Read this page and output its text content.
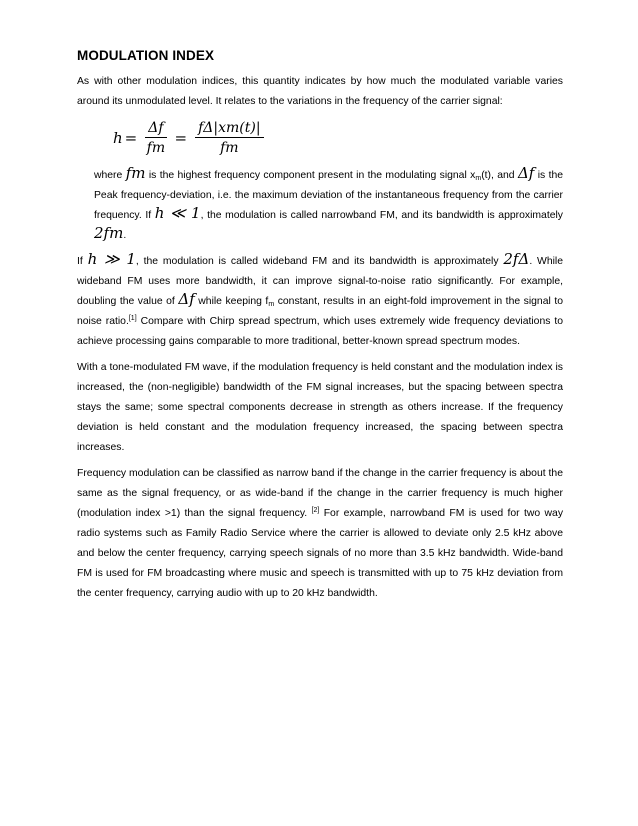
MODULATION INDEX

As with other modulation indices, this quantity indicates by how much the modulated variable varies around its unmodulated level. It relates to the variations in the frequency of the carrier signal:

$h = \frac{\Delta f}{fm} = \frac{f\Delta|xm(t)|}{fm}$

where fm is the highest frequency component present in the modulating signal $x_m(t)$, and Δf is the Peak frequency-deviation, i.e. the maximum deviation of the instantaneous frequency from the carrier frequency. If h ≪ 1, the modulation is called narrowband FM, and its bandwidth is approximately 2fm.

If h ≫ 1, the modulation is called wideband FM and its bandwidth is approximately 2fΔ. While wideband FM uses more bandwidth, it can improve signal-to-noise ratio significantly. For example, doubling the value of Δf while keeping $f_m$ constant, results in an eight-fold improvement in the signal to noise ratio.[1] Compare with Chirp spread spectrum, which uses extremely wide frequency deviations to achieve processing gains comparable to more traditional, better-known spread spectrum modes.

With a tone-modulated FM wave, if the modulation frequency is held constant and the modulation index is increased, the (non-negligible) bandwidth of the FM signal increases, but the spacing between spectra stays the same; some spectral components decrease in strength as others increase. If the frequency deviation is held constant and the modulation frequency increased, the spacing between spectra increases.

Frequency modulation can be classified as narrow band if the change in the carrier frequency is about the same as the signal frequency, or as wide-band if the change in the carrier frequency is much higher (modulation index >1) than the signal frequency. [2] For example, narrowband FM is used for two way radio systems such as Family Radio Service where the carrier is allowed to deviate only 2.5 kHz above and below the center frequency, carrying speech signals of no more than 3.5 kHz bandwidth. Wide-band FM is used for FM broadcasting where music and speech is transmitted with up to 75 kHz deviation from the center frequency, carrying audio with up to 20 kHz bandwidth.
